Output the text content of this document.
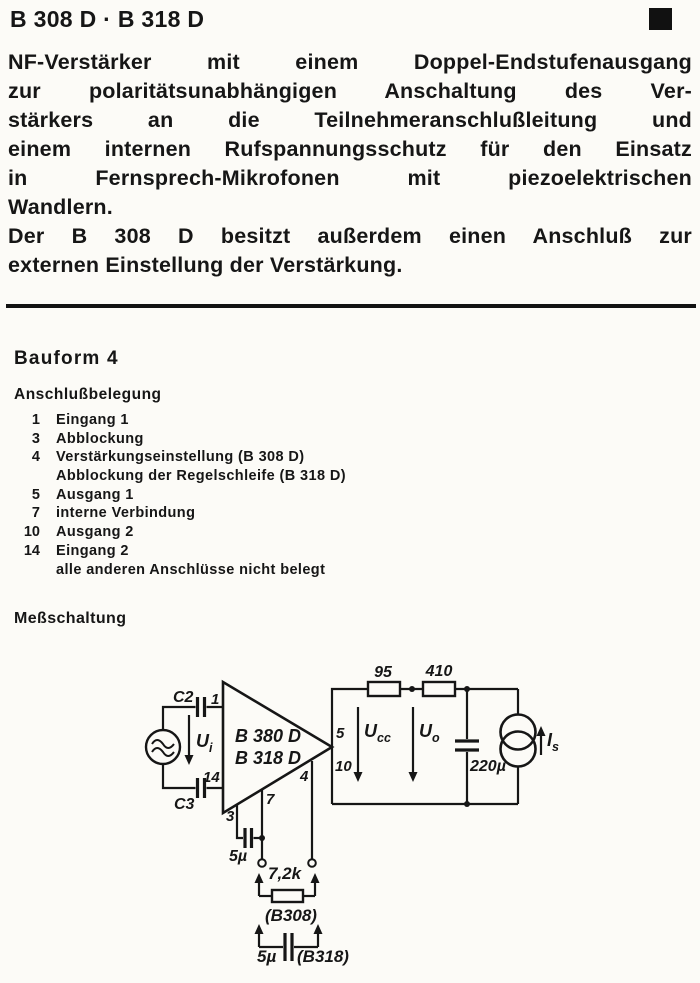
B 308 D · B 318 D
NF-Verstärker mit einem Doppel-Endstufenausgang
zur polaritätsunabhängigen Anschaltung des Ver-
stärkers an die Teilnehmeranschlußleitung und
einem internen Rufspannungsschutz für den Einsatz
in Fernsprech-Mikrofonen mit piezoelektrischen
Wandlern.
Der B 308 D besitzt außerdem einen Anschluß zur
externen Einstellung der Verstärkung.
Bauform 4
Anschlußbelegung
1 Eingang 1
3 Abblockung
4 Verstärkungseinstellung (B 308 D)
Abblockung der Regelschleife (B 318 D)
5 Ausgang 1
7 interne Verbindung
10 Ausgang 2
14 Eingang 2
alle anderen Anschlüsse nicht belegt
Meßschaltung
C2
C3
$U_i$
B 380 D
B 318 D
1
14
5
10
4
7
3
95 410
$U_{cc}$ $U_o$
220µ
$I_s$
5µ
7,2k
(B308)
5µ (B318)
